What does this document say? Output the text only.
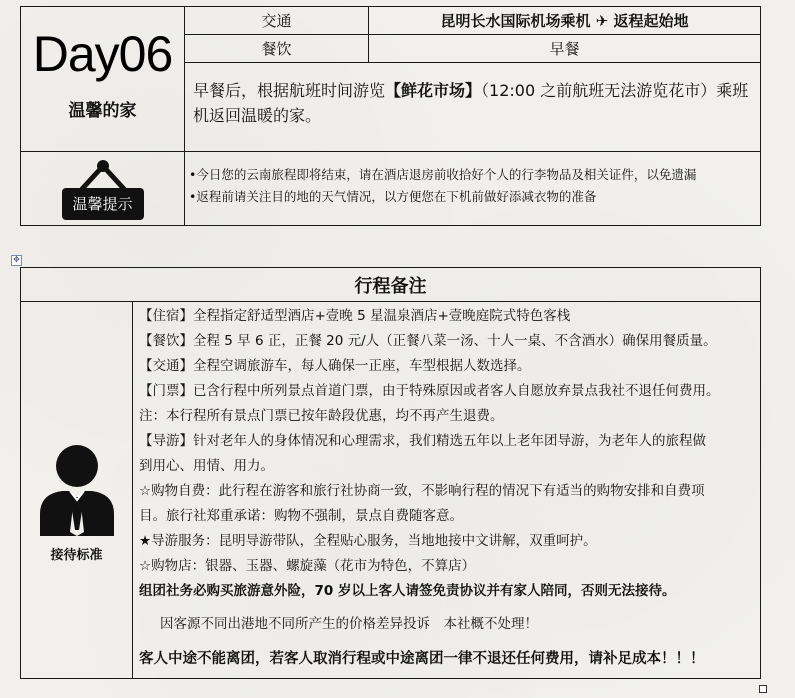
Day06
温馨的家	交通	昆明长水国际机场乘机 ✈ 返程起始地
	餐饮	早餐

	早餐后，根据航班时间游览【鲜花市场】（12:00 之前航班无法游览花市）乘班机返回温暖的家。	

温馨提示	•今日您的云南旅程即将结束，请在酒店退房前收拾好个人的行李物品及相关证件，以免遗漏
•返程前请关注目的地的天气情况，以方便您在下机前做好添减衣物的准备	
✥
行程备注

接待标准

【住宿】全程指定舒适型酒店+壹晚 5 星温泉酒店+壹晚庭院式特色客栈
【餐饮】全程 5 早 6 正，正餐 20 元/人（正餐八菜一汤、十人一桌、不含酒水）确保用餐质量。
【交通】全程空调旅游车，每人确保一正座，车型根据人数选择。
【门票】已含行程中所列景点首道门票，由于特殊原因或者客人自愿放弃景点我社不退任何费用。
注：本行程所有景点门票已按年龄段优惠，均不再产生退费。
【导游】针对老年人的身体情况和心理需求，我们精选五年以上老年团导游，为老年人的旅程做
到用心、用情、用力。
☆购物自费：此行程在游客和旅行社协商一致，不影响行程的情况下有适当的购物安排和自费项
目。旅行社郑重承诺：购物不强制，景点自费随客意。
★导游服务：昆明导游带队，全程贴心服务，当地地接中文讲解，双重呵护。
☆购物店：银器、玉器、螺旋藻（花市为特色，不算店）
组团社务必购买旅游意外险，70 岁以上客人请签免责协议并有家人陪同，否则无法接待。
因客源不同出港地不同所产生的价格差异投诉　本社概不处理！
客人中途不能离团，若客人取消行程或中途离团一律不退还任何费用，请补足成本！！！
